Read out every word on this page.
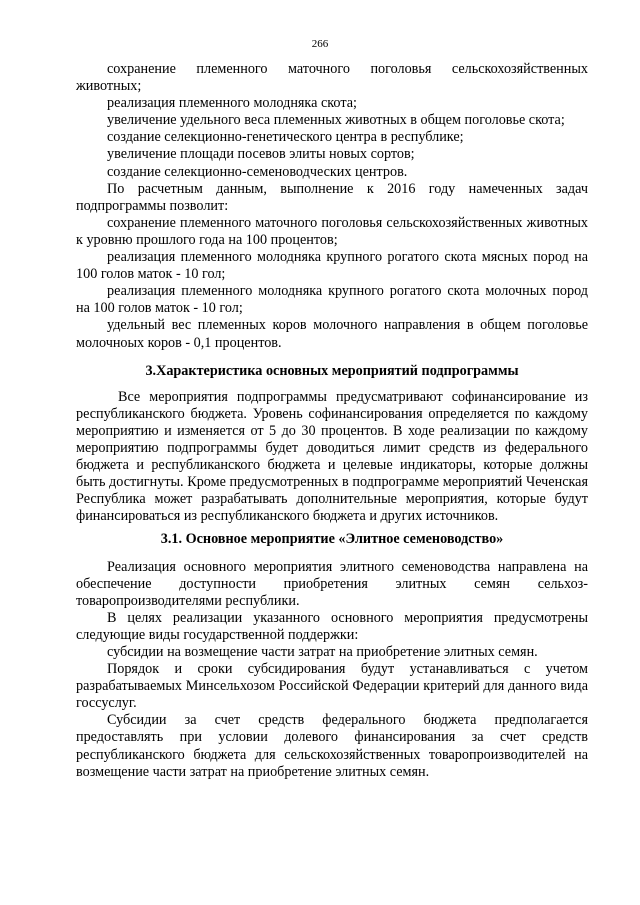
266

сохранение племенного маточного поголовья сельскохозяйственных животных;

реализация племенного молодняка скота;

увеличение удельного веса племенных животных в общем поголовье скота;

создание селекционно-генетического центра в республике;

увеличение площади посевов элиты новых сортов;

создание селекционно-семеноводческих центров.

По расчетным данным, выполнение к 2016 году намеченных задач подпрограммы позволит:

сохранение племенного маточного поголовья сельскохозяйственных животных к уровню прошлого года на 100 процентов;

реализация племенного молодняка крупного рогатого скота мясных пород на 100 голов маток - 10 гол;

реализация племенного молодняка крупного рогатого скота молочных пород на 100 голов маток - 10 гол;

удельный вес племенных коров молочного направления в общем поголовье молочноых коров - 0,1 процентов.

3.Характеристика основных мероприятий подпрограммы

Все мероприятия подпрограммы предусматривают софинансирование из республиканского бюджета. Уровень софинансирования определяется по каждому мероприятию и изменяется от 5 до 30 процентов. В ходе реализации по каждому мероприятию подпрограммы будет доводиться лимит средств из федерального бюджета и республиканского бюджета и целевые индикаторы, которые должны быть достигнуты. Кроме предусмотренных в подпрограмме мероприятий Чеченская Республика может разрабатывать дополнительные мероприятия, которые будут финансироваться из республиканского бюджета и других источников.

3.1. Основное мероприятие «Элитное семеноводство»

Реализация основного мероприятия элитного семеноводства направлена на обеспечение доступности приобретения элитных семян сельхоз-товаропроизводителями республики.

В целях реализации указанного основного мероприятия предусмотрены следующие виды государственной поддержки:

субсидии на возмещение части затрат на приобретение элитных семян.

Порядок и сроки субсидирования будут устанавливаться с учетом разрабатываемых Минсельхозом Российской Федерации критерий для данного вида госсуслуг.

Субсидии за счет средств федерального бюджета предполагается предоставлять при условии долевого финансирования за счет средств республиканского бюджета для сельскохозяйственных товаропроизводителей на возмещение части затрат на приобретение элитных семян.
